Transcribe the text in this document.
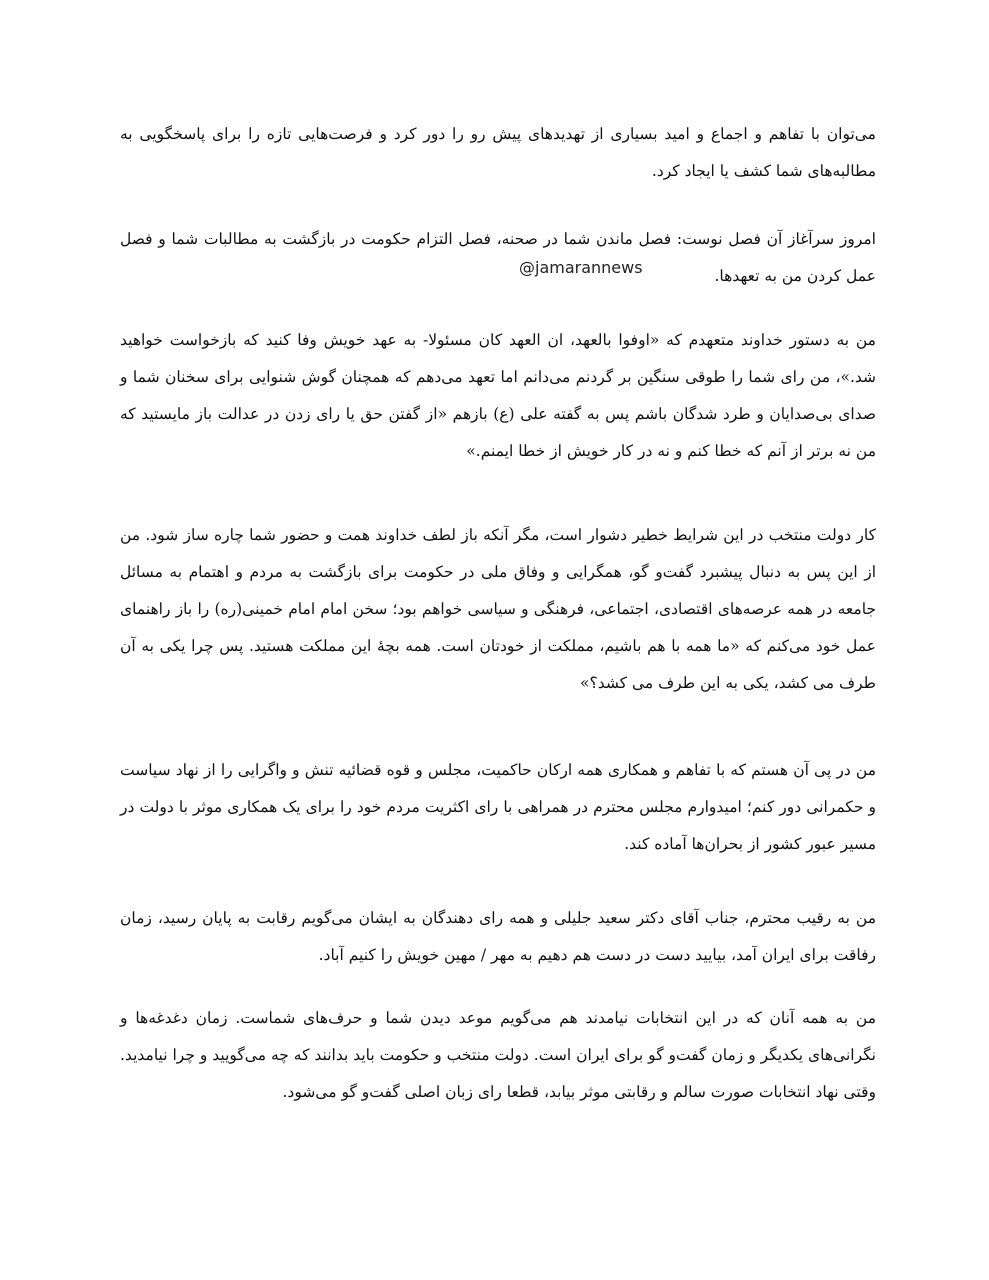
می‌توان با تفاهم و اجماع و امید بسیاری از تهدیدهای پیش رو را دور کرد و فرصت‌هایی تازه را برای پاسخگویی به مطالبه‌های شما کشف یا ایجاد کرد.

امروز سرآغاز آن فصل نوست: فصل ماندن شما در صحنه، فصل التزام حکومت در بازگشت به مطالبات شما و فصل عمل کردن من به تعهدها.

@jamarannews

من به دستور خداوند متعهدم که «اوفوا بالعهد، ان العهد کان مسئولا- به عهد خویش وفا کنید که بازخواست خواهید شد.»، من رای شما را طوقی سنگین بر گردنم می‌دانم اما تعهد می‌دهم که همچنان گوش شنوایی برای سخنان شما و صدای بی‌صدایان و طرد شدگان باشم پس به گفته علی (ع) بازهم «از گفتن حق یا رای زدن در عدالت باز مایستید که من نه برتر از آنم که خطا کنم و نه در کار خویش از خطا ایمنم.»

کار دولت منتخب در این شرایط خطیر دشوار است، مگر آنکه باز لطف خداوند همت و حضور شما چاره ساز شود. من از این پس به دنبال پیشبرد گفت‌و گو، همگرایی و وفاق ملی در حکومت برای بازگشت به مردم و اهتمام به مسائل جامعه در همه عرصه‌های اقتصادی، اجتماعی، فرهنگی و سیاسی خواهم بود؛ سخن امام امام خمینی(ره) را باز راهنمای عمل خود می‌کنم که «ما همه با هم باشیم، مملکت از خودتان است. همه بچهٔ این مملکت هستید. پس چرا یکی به آن طرف می کشد، یکی به این طرف می کشد؟»

من در پی آن هستم که با تفاهم و همکاری همه ارکان حاکمیت، مجلس و قوه قضائیه تنش و واگرایی را از نهاد سیاست و حکمرانی دور کنم؛ امیدوارم مجلس محترم در همراهی با رای اکثریت مردم خود را برای یک همکاری موثر با دولت در مسیر عبور کشور از بحران‌ها آماده کند.

من به رقیب محترم، جناب آقای دکتر سعید جلیلی و همه رای دهندگان به ایشان می‌گویم رقابت به پایان رسید، زمان رفاقت برای ایران آمد، بیایید دست در دست هم دهیم به مهر / مهین خویش را کنیم آباد.

من به همه آنان که در این انتخابات نیامدند هم می‌گویم موعد دیدن شما و حرف‌های شماست. زمان دغدغه‌ها و نگرانی‌های یکدیگر و زمان گفت‌و گو برای ایران است. دولت منتخب و حکومت باید بدانند که چه می‌گویید و چرا نیامدید. وقتی نهاد انتخابات صورت سالم و رقابتی موثر بیابد، قطعا رای زبان اصلی گفت‌و گو می‌شود.
